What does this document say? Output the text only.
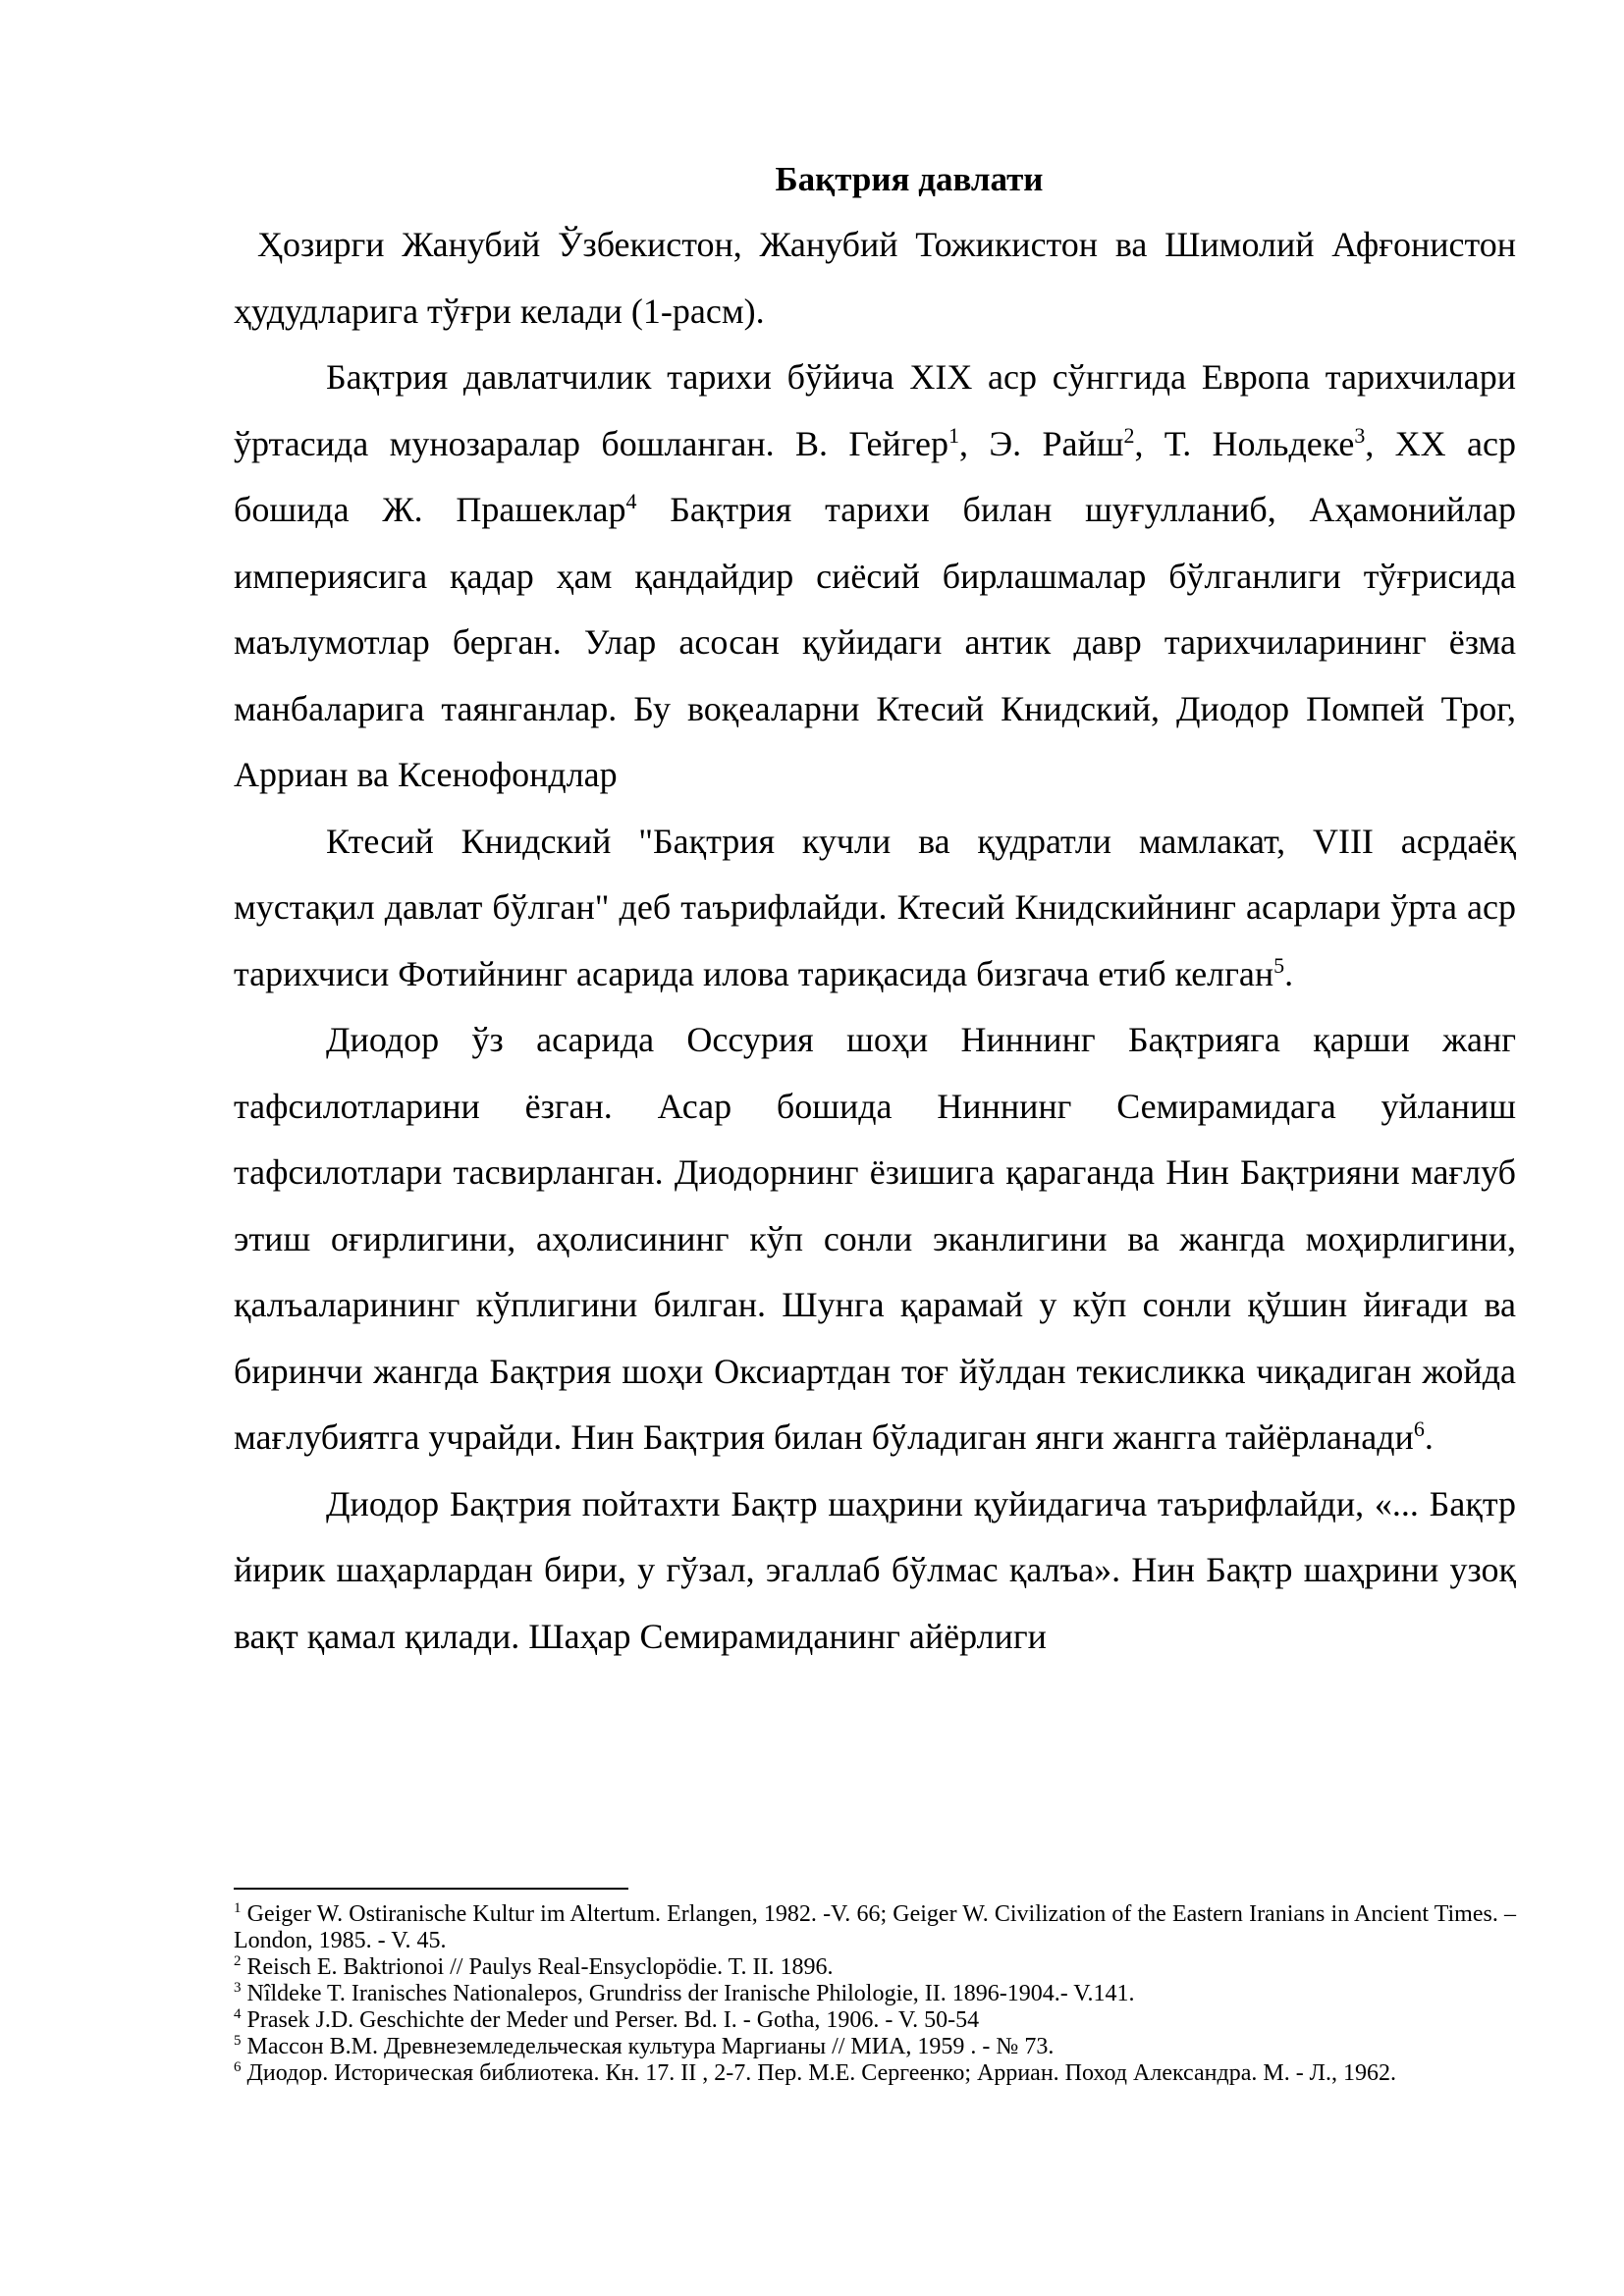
Бақтрия давлати

Ҳозирги Жанубий Ўзбекистон, Жанубий Тожикистон ва Шимолий Афғонистон ҳудудларига тўғри келади (1-расм).

Бақтрия давлатчилик тарихи бўйича XIX аср сўнггида Европа тарихчилари ўртасида мунозаралар бошланган. В. Гейгер$^1$, Э. Райш$^2$, Т. Нольдеке$^3$, XX аср бошида Ж. Прашеклар$^4$ Бақтрия тарихи билан шуғулланиб, Аҳамонийлар империясига қадар ҳам қандайдир сиёсий бирлашмалар бўлганлиги тўғрисида маълумотлар берган. Улар асосан қуйидаги антик давр тарихчиларининг ёзма манбаларига таянганлар. Бу воқеаларни Ктесий Книдский, Диодор Помпей Трог, Арриан ва Ксенофондлар

Ктесий Книдский "Бақтрия кучли ва қудратли мамлакат, VIII асрдаёқ мустақил давлат бўлган" деб таърифлайди. Ктесий Книдскийнинг асарлари ўрта аср тарихчиси Фотийнинг асарида илова тариқасида бизгача етиб келган$^5$.

Диодор ўз асарида Оссурия шоҳи Ниннинг Бақтрияга қарши жанг тафсилотларини ёзган. Асар бошида Ниннинг Семирамидага уйланиш тафсилотлари тасвирланган. Диодорнинг ёзишига қараганда Нин Бақтрияни мағлуб этиш оғирлигини, аҳолисининг кўп сонли эканлигини ва жангда моҳирлигини, қалъаларининг кўплигини билган. Шунга қарамай у кўп сонли қўшин йиғади ва биринчи жангда Бақтрия шоҳи Оксиартдан тоғ йўлдан текисликка чиқадиган жойда мағлубиятга учрайди. Нин Бақтрия билан бўладиган янги жангга тайёрланади$^6$.

Диодор Бақтрия пойтахти Бақтр шаҳрини қуйидагича таърифлайди, «... Бақтр йирик шаҳарлардан бири, у гўзал, эгаллаб бўлмас қалъа». Нин Бақтр шаҳрини узоқ вақт қамал қилади. Шаҳар Семирамиданинг айёрлиги

$^1$ Geiger W. Ostiranische Kultur im Altertum. Erlangen, 1982. -V. 66; Geiger W. Civilization of the Eastern Iranians in Ancient Times. – London, 1985. - V. 45.

$^2$ Reisch E. Baktrionoi // Paulys Real-Ensyclopödie. T. II. 1896.

$^3$ Nîldeke T. Iranisches Nationalepos, Grundriss der Iranische Philologie, II. 1896-1904.- V.141.

$^4$ Prasek J.D. Geschichte der Meder und Perser. Bd. I. - Gotha, 1906. - V. 50-54

$^5$ Массон В.М. Древнеземледельческая культура Маргианы // МИА, 1959 . - № 73.

$^6$ Диодор. Историческая библиотека. Кн. 17. II , 2-7. Пер. М.Е. Сергеенко; Арриан. Поход Александра. М. - Л., 1962.
